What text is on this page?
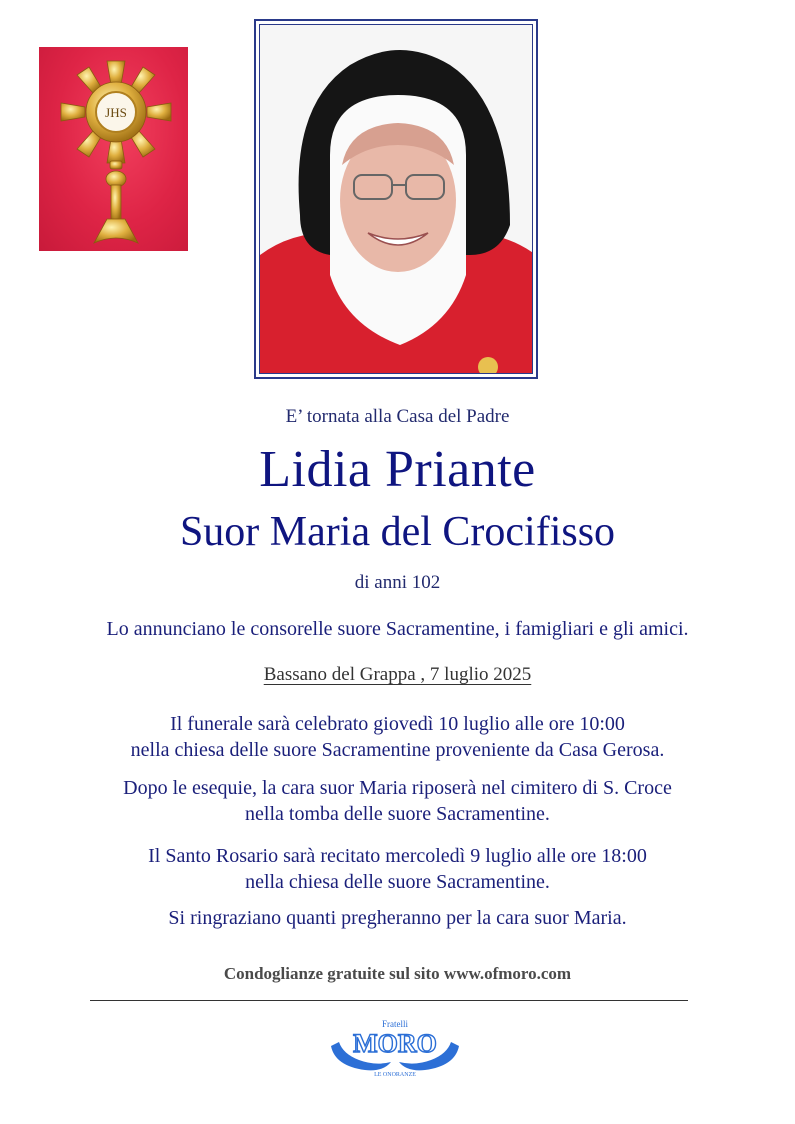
JHS

E’ tornata alla Casa del Padre

Lidia Priante

Suor Maria del Crocifisso

di anni 102

Lo annunciano le consorelle suore Sacramentine, i famigliari e gli amici.

Bassano del Grappa , 7 luglio 2025

Il funerale sarà celebrato giovedì 10 luglio alle ore 10:00
nella chiesa delle suore Sacramentine proveniente da Casa Gerosa.
Dopo le esequie, la cara suor Maria riposerà nel cimitero di S. Croce
nella tomba delle suore Sacramentine.
Il Santo Rosario sarà recitato mercoledì 9 luglio alle ore 18:00
nella chiesa delle suore Sacramentine.
Si ringraziano quanti pregheranno per la cara suor Maria.

Condoglianze gratuite sul sito www.ofmoro.com

Fratelli
MORO
LE ONORANZE
